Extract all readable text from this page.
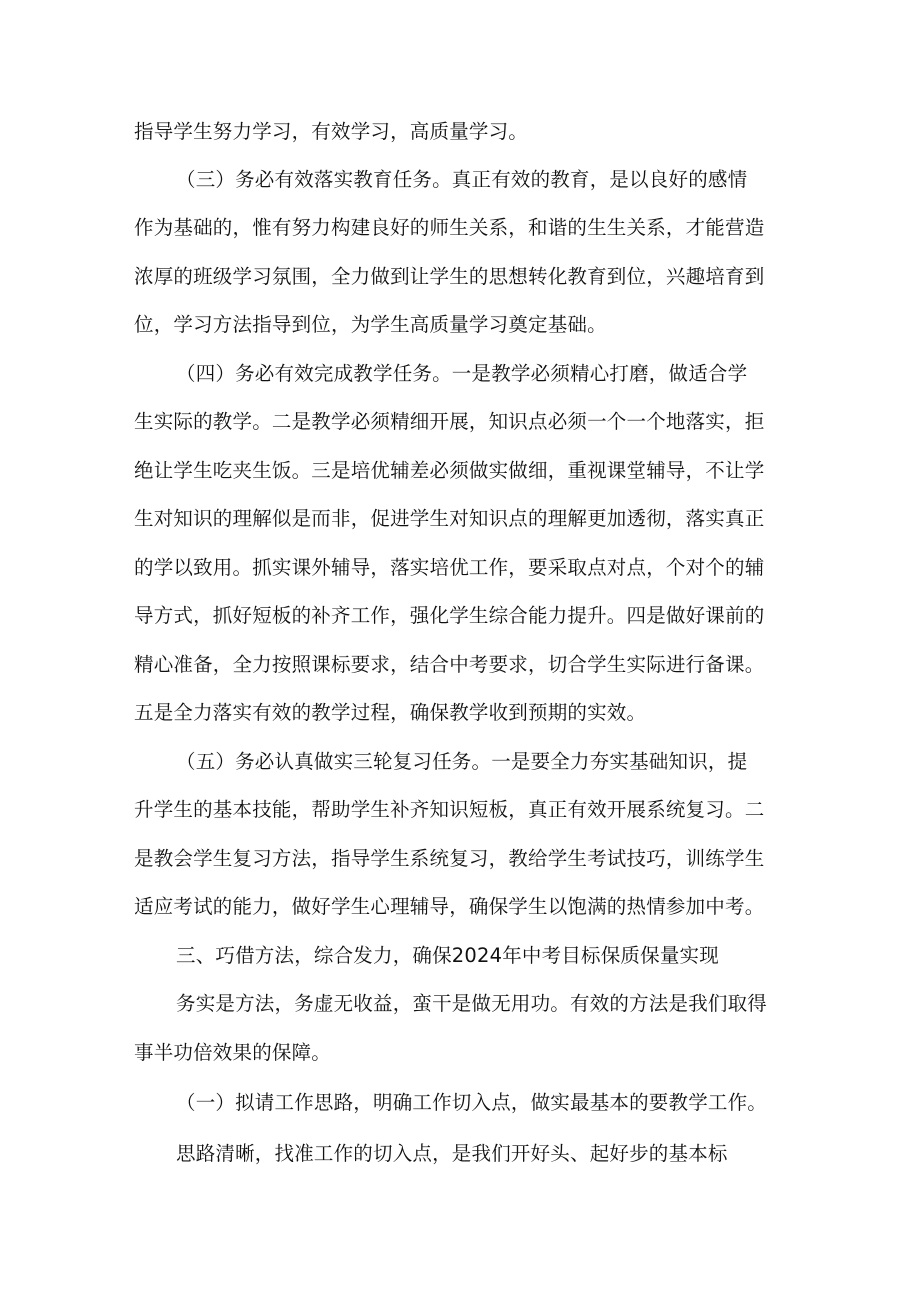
指导学生努力学习，有效学习，高质量学习。
（三）务必有效落实教育任务。真正有效的教育，是以良好的感情
作为基础的，惟有努力构建良好的师生关系，和谐的生生关系，才能营造
浓厚的班级学习氛围，全力做到让学生的思想转化教育到位，兴趣培育到
位，学习方法指导到位，为学生高质量学习奠定基础。
（四）务必有效完成教学任务。一是教学必须精心打磨，做适合学
生实际的教学。二是教学必须精细开展，知识点必须一个一个地落实，拒
绝让学生吃夹生饭。三是培优辅差必须做实做细，重视课堂辅导，不让学
生对知识的理解似是而非，促进学生对知识点的理解更加透彻，落实真正
的学以致用。抓实课外辅导，落实培优工作，要采取点对点，个对个的辅
导方式，抓好短板的补齐工作，强化学生综合能力提升。四是做好课前的
精心准备，全力按照课标要求，结合中考要求，切合学生实际进行备课。
五是全力落实有效的教学过程，确保教学收到预期的实效。
（五）务必认真做实三轮复习任务。一是要全力夯实基础知识，提
升学生的基本技能，帮助学生补齐知识短板，真正有效开展系统复习。二
是教会学生复习方法，指导学生系统复习，教给学生考试技巧，训练学生
适应考试的能力，做好学生心理辅导，确保学生以饱满的热情参加中考。
三、巧借方法，综合发力，确保2024年中考目标保质保量实现
务实是方法，务虚无收益，蛮干是做无用功。有效的方法是我们取得
事半功倍效果的保障。
（一）拟请工作思路，明确工作切入点，做实最基本的要教学工作。
思路清晰，找准工作的切入点，是我们开好头、起好步的基本标
